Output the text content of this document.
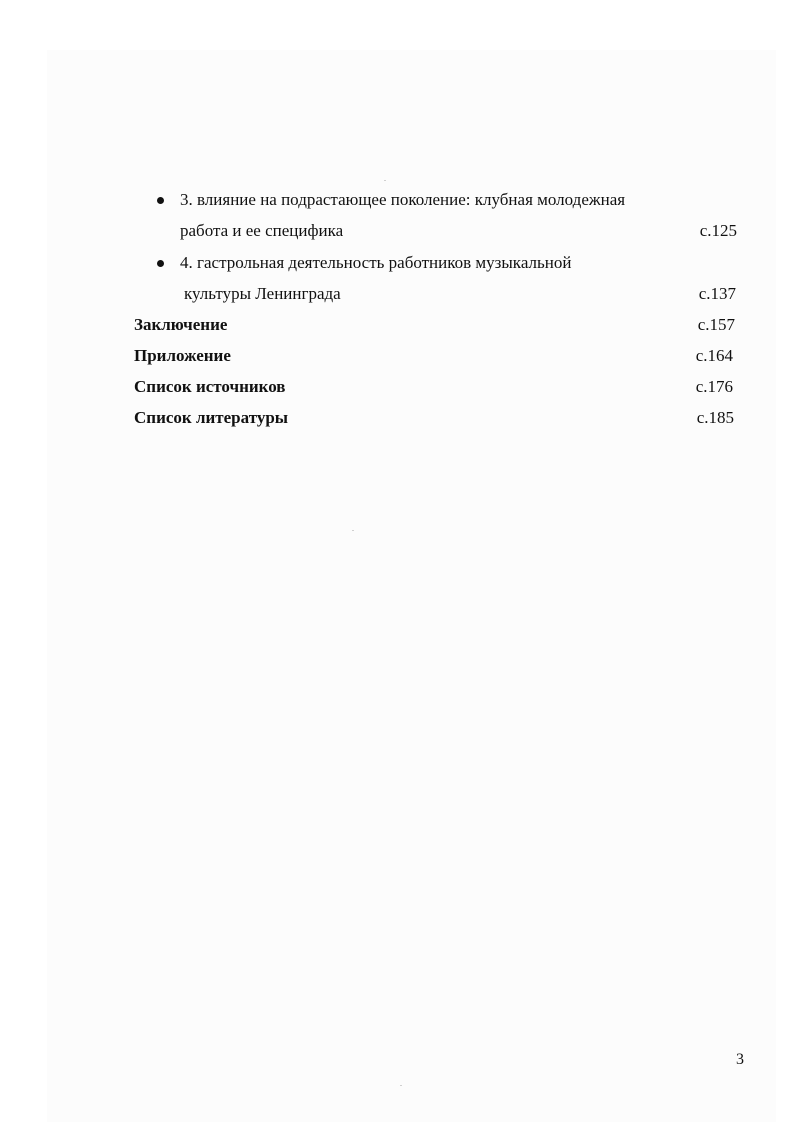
3. влияние на подрастающее поколение: клубная молодежная
работа и ее специфика	с.125
4. гастрольная деятельность работников музыкальной
культуры Ленинграда	с.137
Заключение	с.157
Приложение	с.164
Список источников	с.176
Список литературы	с.185
3
